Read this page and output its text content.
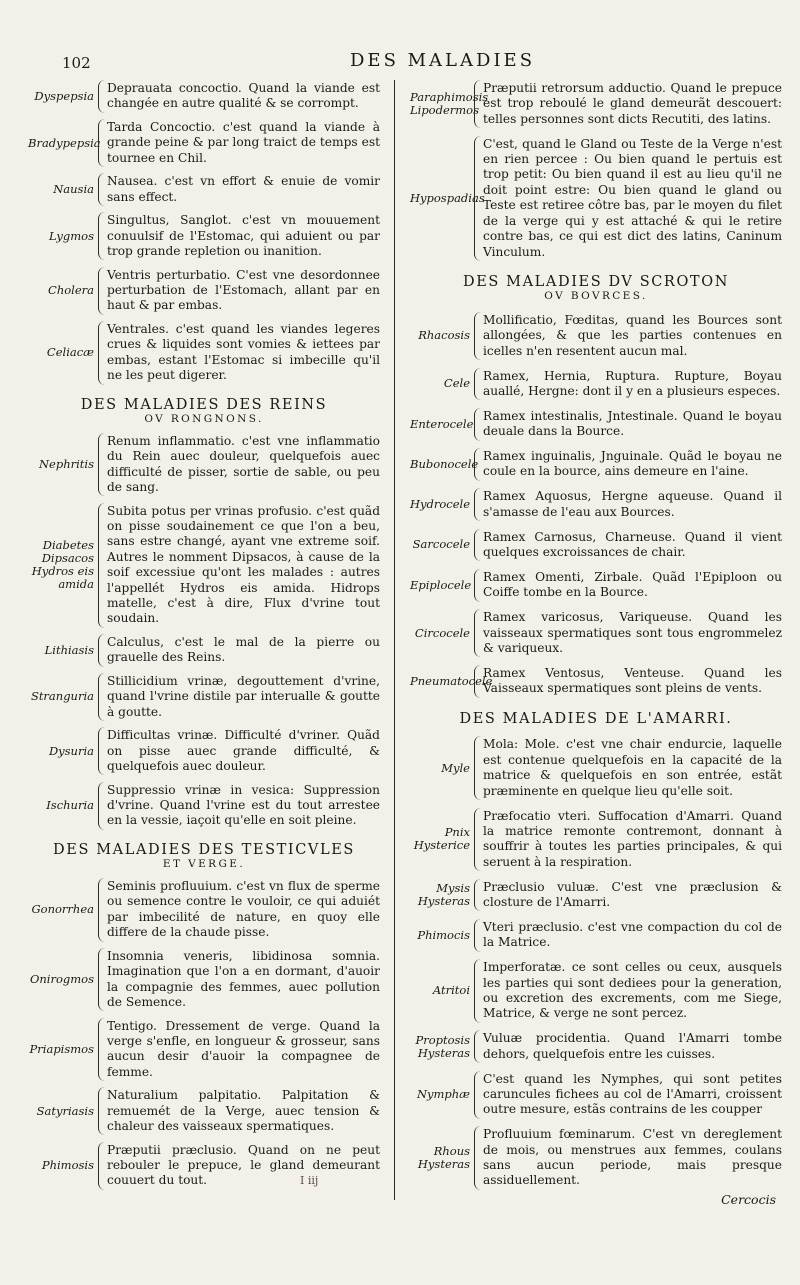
102	DES MALADIES
Dyspepsia
Deprauata concoctio. Quand la viande est changée en autre qualité & se corrompt.
Bradypepsia
Tarda Concoctio. c'est quand la viande à grande peine & par long traict de temps est tournee en Chil.
Nausia
Nausea. c'est vn effort & enuie de vomir sans effect.
Lygmos
Singultus, Sanglot. c'est vn mouuement conuulsif de l'Estomac, qui aduient ou par trop grande repletion ou inanition.
Cholera
Ventris perturbatio. C'est vne desordonnee perturbation de l'Estomach, allant par en haut & par embas.
Celiacæ
Ventrales. c'est quand les viandes legeres crues & liquides sont vomies & iettees par embas, estant l'Estomac si imbecille qu'il ne les peut digerer.
DES MALADIES DES REINS
OV RONGNONS.
Nephritis
Renum inflammatio. c'est vne inflammatio du Rein auec douleur, quelquefois auec difficulté de pisser, sortie de sable, ou peu de sang.
Diabetes Dipsacos Hydros eis amida
Subita potus per vrinas profusio. c'est quãd on pisse soudainement ce que l'on a beu, sans estre changé, ayant vne extreme soif. Autres le nomment Dipsacos, à cause de la soif excessiue qu'ont les malades : autres l'appellét Hydros eis amida. Hidrops matelle, c'est à dire, Flux d'vrine tout soudain.
Lithiasis
Calculus, c'est le mal de la pierre ou grauelle des Reins.
Stranguria
Stillicidium vrinæ, degouttement d'vrine, quand l'vrine distile par interualle & goutte à goutte.
Dysuria
Difficultas vrinæ. Difficulté d'vriner. Quãd on pisse auec grande difficulté, & quelquefois auec douleur.
Ischuria
Suppressio vrinæ in vesica: Suppression d'vrine. Quand l'vrine est du tout arrestee en la vessie, iaçoit qu'elle en soit pleine.
DES MALADIES DES TESTICVLES
ET VERGE.
Gonorrhea
Seminis profluuium. c'est vn flux de sperme ou semence contre le vouloir, ce qui aduiét par imbecilité de nature, en quoy elle differe de la chaude pisse.
Onirogmos
Insomnia veneris, libidinosa somnia. Imagination que l'on a en dormant, d'auoir la compagnie des femmes, auec pollution de Semence.
Priapismos
Tentigo. Dressement de verge. Quand la verge s'enfle, en longueur & grosseur, sans aucun desir d'auoir la compagnee de femme.
Satyriasis
Naturalium palpitatio. Palpitation & remuemét de la Verge, auec tension & chaleur des vaisseaux spermatiques.
Phimosis
Præputii præclusio. Quand on ne peut rebouler le prepuce, le gland demeurant couuert du tout.
Paraphimosis Lipodermos
Præputii retrorsum adductio. Quand le prepuce est trop reboulé le gland demeurãt descouert: telles personnes sont dicts Recutiti, des latins.
Hypospadias
C'est, quand le Gland ou Teste de la Verge n'est en rien percee : Ou bien quand le pertuis est trop petit: Ou bien quand il est au lieu qu'il ne doit point estre: Ou bien quand le gland ou Teste est retiree côtre bas, par le moyen du filet de la verge qui y est attaché & qui le retire contre bas, ce qui est dict des latins, Caninum Vinculum.
DES MALADIES DV SCROTON
OV BOVRCES.
Rhacosis
Mollificatio, Fœditas, quand les Bources sont allongées, & que les parties contenues en icelles n'en resentent aucun mal.
Cele
Ramex, Hernia, Ruptura. Rupture, Boyau auallé, Hergne: dont il y en a plusieurs especes.
Enterocele
Ramex intestinalis, Jntestinale. Quand le boyau deuale dans la Bource.
Bubonocele
Ramex inguinalis, Jnguinale. Quãd le boyau ne coule en la bource, ains demeure en l'aine.
Hydrocele
Ramex Aquosus, Hergne aqueuse. Quand il s'amasse de l'eau aux Bources.
Sarcocele
Ramex Carnosus, Charneuse. Quand il vient quelques excroissances de chair.
Epiplocele
Ramex Omenti, Zirbale. Quãd l'Epiploon ou Coiffe tombe en la Bource.
Circocele
Ramex varicosus, Variqueuse. Quand les vaisseaux spermatiques sont tous engrommelez & variqueux.
Pneumatocele
Ramex Ventosus, Venteuse. Quand les Vaisseaux spermatiques sont pleins de vents.
DES MALADIES DE L'AMARRI.
Myle
Mola: Mole. c'est vne chair endurcie, laquelle est contenue quelquefois en la capacité de la matrice & quelquefois en son entrée, estãt præminente en quelque lieu qu'elle soit.
Pnix Hysterice
Præfocatio vteri. Suffocation d'Amarri. Quand la matrice remonte contremont, donnant à souffrir à toutes les parties principales, & qui seruent à la respiration.
Mysis Hysteras
Præclusio vuluæ. C'est vne præclusion & closture de l'Amarri.
Phimocis
Vteri præclusio. c'est vne compaction du col de la Matrice.
Atritoi
Imperforatæ. ce sont celles ou ceux, ausquels les parties qui sont dediees pour la generation, ou excretion des excrements, com me Siege, Matrice, & verge ne sont percez.
Proptosis Hysteras
Vuluæ procidentia. Quand l'Amarri tombe dehors, quelquefois entre les cuisses.
Nymphæ
C'est quand les Nymphes, qui sont petites caruncules fichees au col de l'Amarri, croissent outre mesure, estãs contrains de les coupper
Rhous Hysteras
Profluuium fœminarum. C'est vn dereglement de mois, ou menstrues aux femmes, coulans sans aucun periode, mais presque assiduellement.
I iij
Cercocis
